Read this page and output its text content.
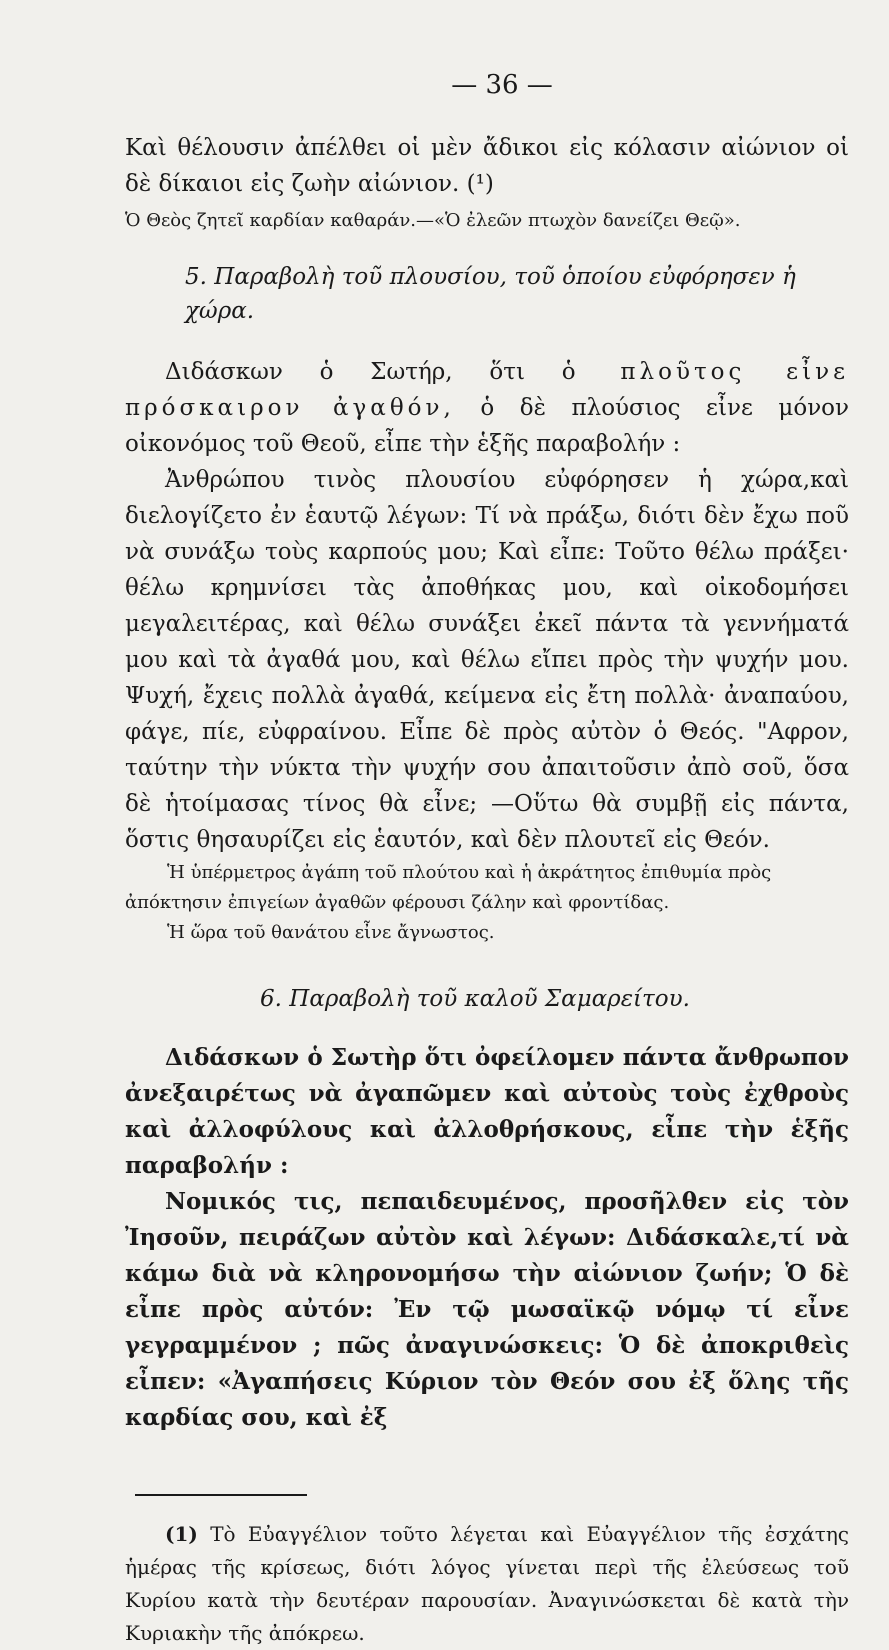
— 36 —

Καὶ θέλουσιν ἀπέλθει οἱ μὲν ἄδικοι εἰς κόλασιν αἰώνιον οἱ δὲ δίκαιοι εἰς ζωὴν αἰώνιον. (¹)

Ὁ Θεὸς ζητεῖ καρδίαν καθαράν.—«Ὁ ἐλεῶν πτωχὸν δανείζει Θεῷ».

5. Παραβολὴ τοῦ πλουσίου, τοῦ ὁποίου εὐφόρησεν ἡ χώρα.

Διδάσκων ὁ Σωτήρ, ὅτι ὁ πλοῦτος εἶνε πρόσκαιρον ἀγαθόν, ὁ δὲ πλούσιος εἶνε μόνον οἰκονόμος τοῦ Θεοῦ, εἶπε τὴν ἑξῆς παραβολήν :

Ἀνθρώπου τινὸς πλουσίου εὐφόρησεν ἡ χώρα,καὶ διελογίζετο ἐν ἑαυτῷ λέγων: Τί νὰ πράξω, διότι δὲν ἔχω ποῦ νὰ συνάξω τοὺς καρπούς μου; Καὶ εἶπε: Τοῦτο θέλω πράξει· θέλω κρημνίσει τὰς ἀποθήκας μου, καὶ οἰκοδομήσει μεγαλειτέρας, καὶ θέλω συνάξει ἐκεῖ πάντα τὰ γεννήματά μου καὶ τὰ ἀγαθά μου, καὶ θέλω εἴπει πρὸς τὴν ψυχήν μου. Ψυχή, ἔχεις πολλὰ ἀγαθά, κείμενα εἰς ἔτη πολλὰ· ἀναπαύου, φάγε, πίε, εὐφραίνου. Εἶπε δὲ πρὸς αὐτὸν ὁ Θεός. "Αφρον, ταύτην τὴν νύκτα τὴν ψυχήν σου ἀπαιτοῦσιν ἀπὸ σοῦ, ὅσα δὲ ἡτοίμασας τίνος θὰ εἶνε; —Οὕτω θὰ συμβῇ εἰς πάντα, ὅστις θησαυρίζει εἰς ἑαυτόν, καὶ δὲν πλουτεῖ εἰς Θεόν.

Ἡ ὑπέρμετρος ἀγάπη τοῦ πλούτου καὶ ἡ ἀκράτητος ἐπιθυμία πρὸς ἀπόκτησιν ἐπιγείων ἀγαθῶν φέρουσι ζάλην καὶ φροντίδας.

Ἡ ὥρα τοῦ θανάτου εἶνε ἄγνωστος.

6. Παραβολὴ τοῦ καλοῦ Σαμαρείτου.

Διδάσκων ὁ Σωτὴρ ὅτι ὀφείλομεν πάντα ἄνθρωπον ἀνεξαιρέτως νὰ ἀγαπῶμεν καὶ αὐτοὺς τοὺς ἐχθροὺς καὶ ἀλλοφύλους καὶ ἀλλοθρήσκους, εἶπε τὴν ἑξῆς παραβολήν :

Νομικός τις, πεπαιδευμένος, προσῆλθεν εἰς τὸν Ἰησοῦν, πειράζων αὐτὸν καὶ λέγων: Διδάσκαλε,τί νὰ κάμω διὰ νὰ κληρονομήσω τὴν αἰώνιον ζωήν; Ὁ δὲ εἶπε πρὸς αὐτόν: Ἐν τῷ μωσαϊκῷ νόμῳ τί εἶνε γεγραμμένον ; πῶς ἀναγινώσκεις: Ὁ δὲ ἀποκριθεὶς εἶπεν: «Ἀγαπήσεις Κύριον τὸν Θεόν σου ἐξ ὅλης τῆς καρδίας σου, καὶ ἐξ

(1) Τὸ Εὐαγγέλιον τοῦτο λέγεται καὶ Εὐαγγέλιον τῆς ἐσχάτης ἡμέρας τῆς κρίσεως, διότι λόγος γίνεται περὶ τῆς ἐλεύσεως τοῦ Κυρίου κατὰ τὴν δευτέραν παρουσίαν. Ἀναγινώσκεται δὲ κατὰ τὴν Κυριακὴν τῆς ἀπόκρεω.
